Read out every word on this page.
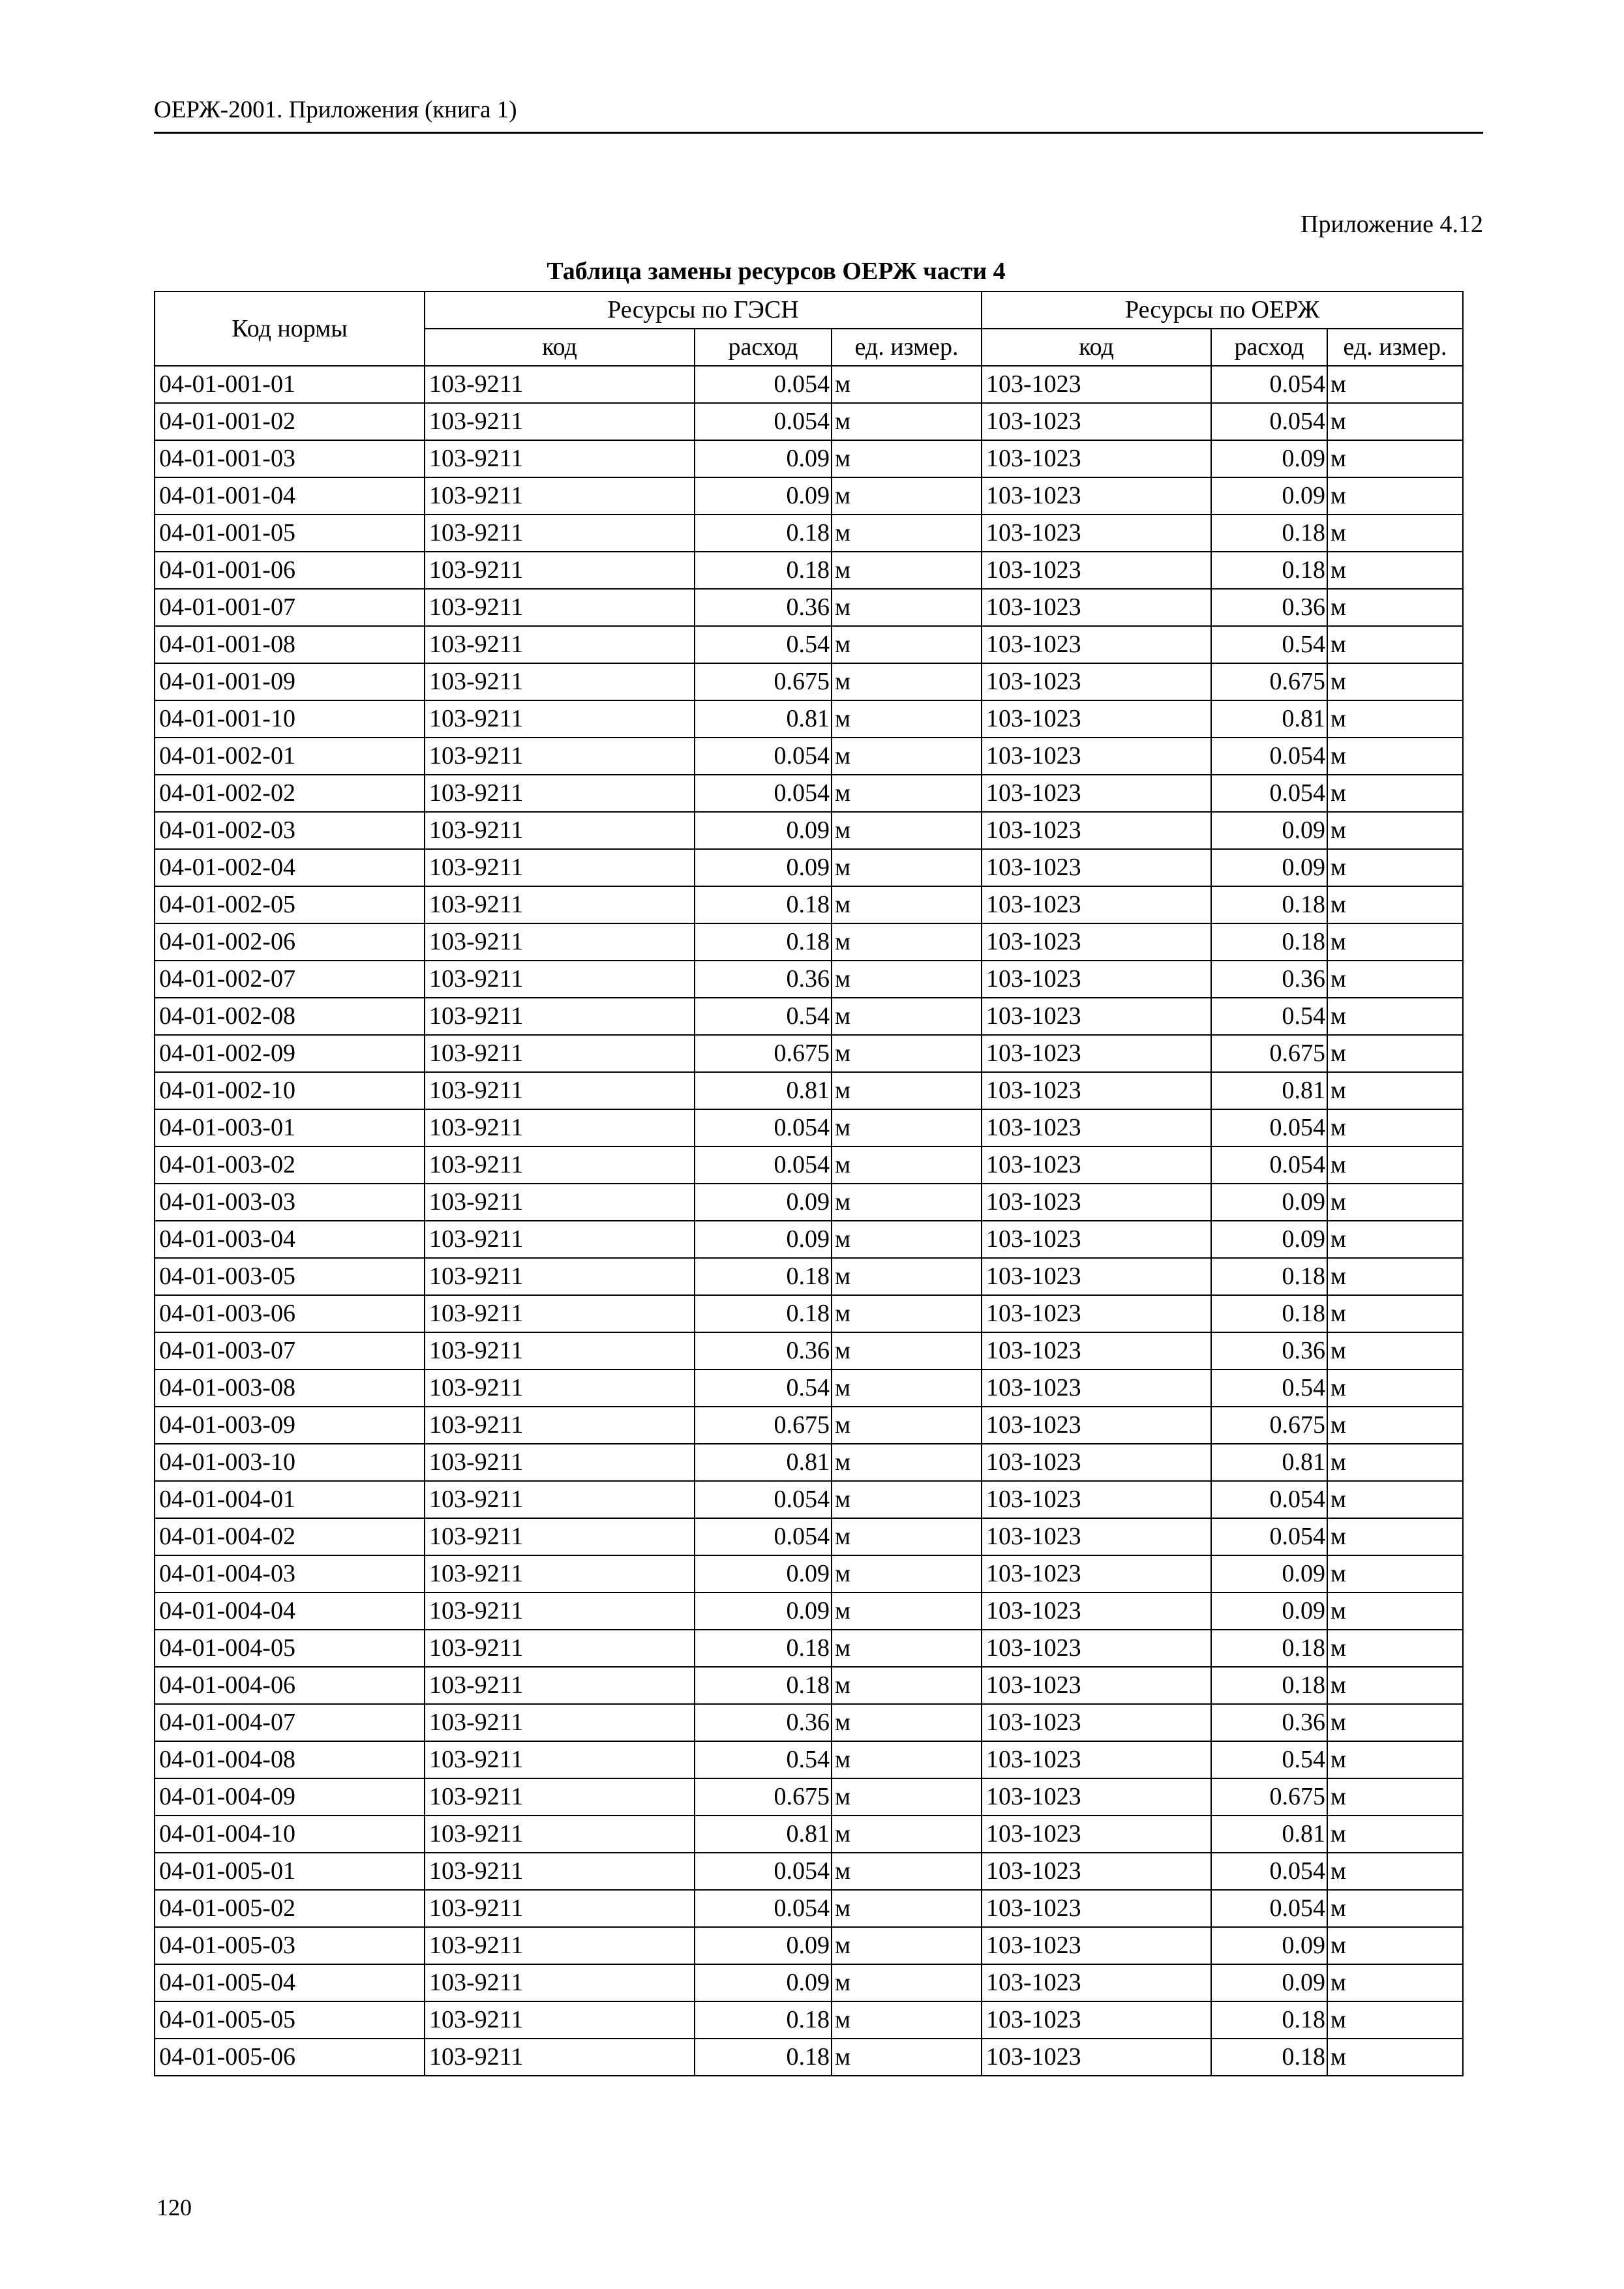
ОЕРЖ-2001. Приложения (книга 1)
Приложение 4.12
Таблица замены ресурсов ОЕРЖ части 4
Код нормы	Ресурсы по ГЭСН			Ресурсы по ОЕРЖ		
	код	расход	ед. измер.	код	расход	ед. измер.
04-01-001-01	103-9211	0.054	м	103-1023	0.054	м
04-01-001-02	103-9211	0.054	м	103-1023	0.054	м
04-01-001-03	103-9211	0.09	м	103-1023	0.09	м
04-01-001-04	103-9211	0.09	м	103-1023	0.09	м
04-01-001-05	103-9211	0.18	м	103-1023	0.18	м
04-01-001-06	103-9211	0.18	м	103-1023	0.18	м
04-01-001-07	103-9211	0.36	м	103-1023	0.36	м
04-01-001-08	103-9211	0.54	м	103-1023	0.54	м
04-01-001-09	103-9211	0.675	м	103-1023	0.675	м
04-01-001-10	103-9211	0.81	м	103-1023	0.81	м
04-01-002-01	103-9211	0.054	м	103-1023	0.054	м
04-01-002-02	103-9211	0.054	м	103-1023	0.054	м
04-01-002-03	103-9211	0.09	м	103-1023	0.09	м
04-01-002-04	103-9211	0.09	м	103-1023	0.09	м
04-01-002-05	103-9211	0.18	м	103-1023	0.18	м
04-01-002-06	103-9211	0.18	м	103-1023	0.18	м
04-01-002-07	103-9211	0.36	м	103-1023	0.36	м
04-01-002-08	103-9211	0.54	м	103-1023	0.54	м
04-01-002-09	103-9211	0.675	м	103-1023	0.675	м
04-01-002-10	103-9211	0.81	м	103-1023	0.81	м
04-01-003-01	103-9211	0.054	м	103-1023	0.054	м
04-01-003-02	103-9211	0.054	м	103-1023	0.054	м
04-01-003-03	103-9211	0.09	м	103-1023	0.09	м
04-01-003-04	103-9211	0.09	м	103-1023	0.09	м
04-01-003-05	103-9211	0.18	м	103-1023	0.18	м
04-01-003-06	103-9211	0.18	м	103-1023	0.18	м
04-01-003-07	103-9211	0.36	м	103-1023	0.36	м
04-01-003-08	103-9211	0.54	м	103-1023	0.54	м
04-01-003-09	103-9211	0.675	м	103-1023	0.675	м
04-01-003-10	103-9211	0.81	м	103-1023	0.81	м
04-01-004-01	103-9211	0.054	м	103-1023	0.054	м
04-01-004-02	103-9211	0.054	м	103-1023	0.054	м
04-01-004-03	103-9211	0.09	м	103-1023	0.09	м
04-01-004-04	103-9211	0.09	м	103-1023	0.09	м
04-01-004-05	103-9211	0.18	м	103-1023	0.18	м
04-01-004-06	103-9211	0.18	м	103-1023	0.18	м
04-01-004-07	103-9211	0.36	м	103-1023	0.36	м
04-01-004-08	103-9211	0.54	м	103-1023	0.54	м
04-01-004-09	103-9211	0.675	м	103-1023	0.675	м
04-01-004-10	103-9211	0.81	м	103-1023	0.81	м
04-01-005-01	103-9211	0.054	м	103-1023	0.054	м
04-01-005-02	103-9211	0.054	м	103-1023	0.054	м
04-01-005-03	103-9211	0.09	м	103-1023	0.09	м
04-01-005-04	103-9211	0.09	м	103-1023	0.09	м
04-01-005-05	103-9211	0.18	м	103-1023	0.18	м
04-01-005-06	103-9211	0.18	м	103-1023	0.18	м
120
